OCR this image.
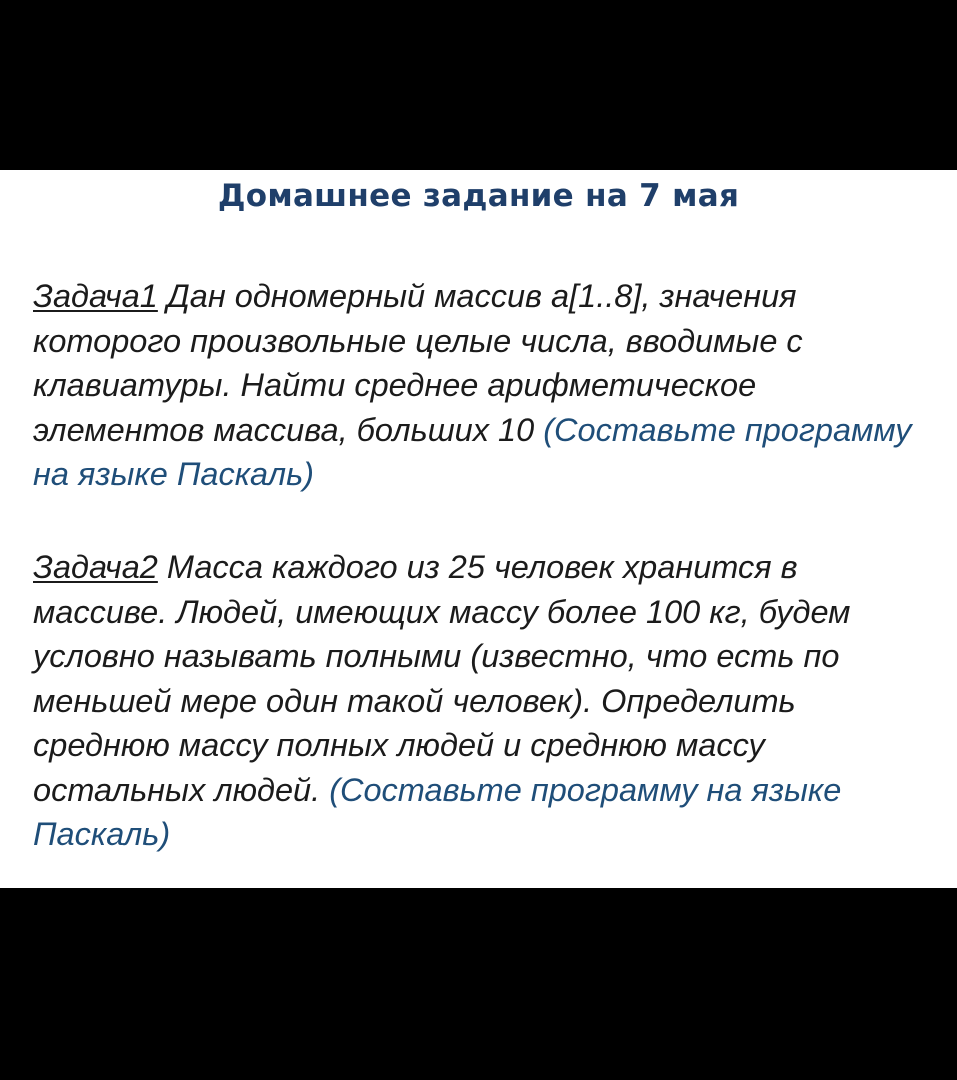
Домашнее задание на 7 мая

Задача1 Дан одномерный массив a[1..8], значения которого произвольные целые числа, вводимые с клавиатуры. Найти среднее арифметическое элементов массива, больших 10 (Составьте программу на языке Паскаль)

Задача2 Масса каждого из 25 человек хранится в массиве. Людей, имеющих массу более 100 кг, будем условно называть полными (известно, что есть по меньшей мере один такой человек). Определить среднюю массу полных людей и среднюю массу остальных людей. (Составьте программу на языке Паскаль)
